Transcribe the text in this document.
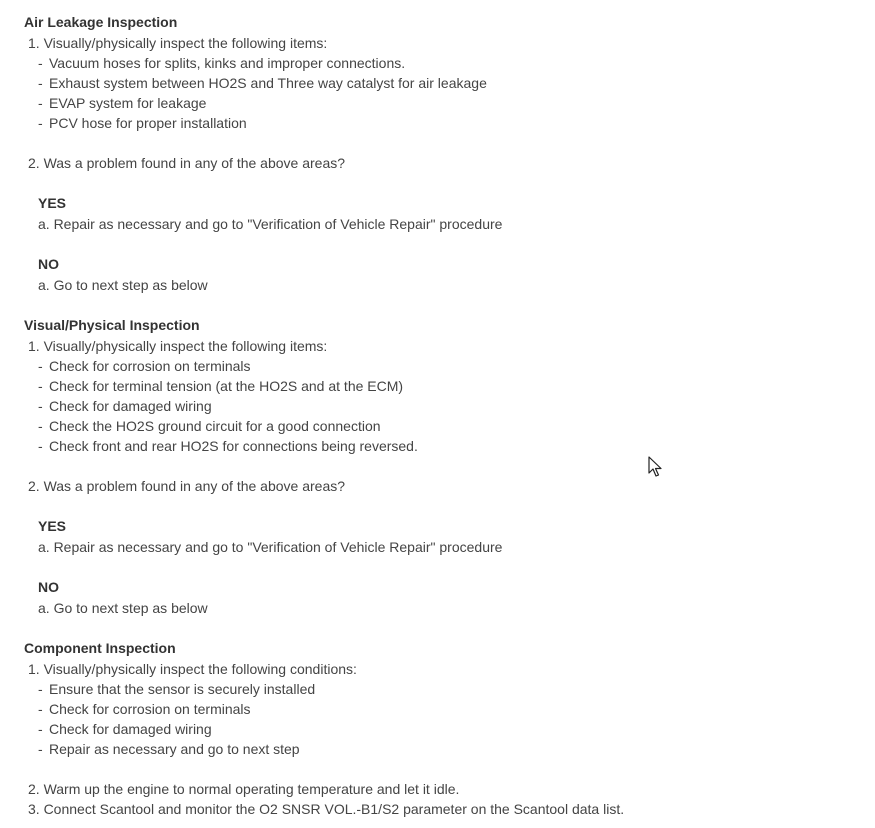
Air Leakage Inspection
1. Visually/physically inspect the following items:
- Vacuum hoses for splits, kinks and improper connections.
- Exhaust system between HO2S and Three way catalyst for air leakage
- EVAP system for leakage
- PCV hose for proper installation
2. Was a problem found in any of the above areas?
YES
a. Repair as necessary and go to "Verification of Vehicle Repair" procedure
NO
a. Go to next step as below
Visual/Physical Inspection
1. Visually/physically inspect the following items:
- Check for corrosion on terminals
- Check for terminal tension (at the HO2S and at the ECM)
- Check for damaged wiring
- Check the HO2S ground circuit for a good connection
- Check front and rear HO2S for connections being reversed.
2. Was a problem found in any of the above areas?
YES
a. Repair as necessary and go to "Verification of Vehicle Repair" procedure
NO
a. Go to next step as below
Component Inspection
1. Visually/physically inspect the following conditions:
- Ensure that the sensor is securely installed
- Check for corrosion on terminals
- Check for damaged wiring
- Repair as necessary and go to next step
2. Warm up the engine to normal operating temperature and let it idle.
3. Connect Scantool and monitor the O2 SNSR VOL.-B1/S2 parameter on the Scantool data list.
